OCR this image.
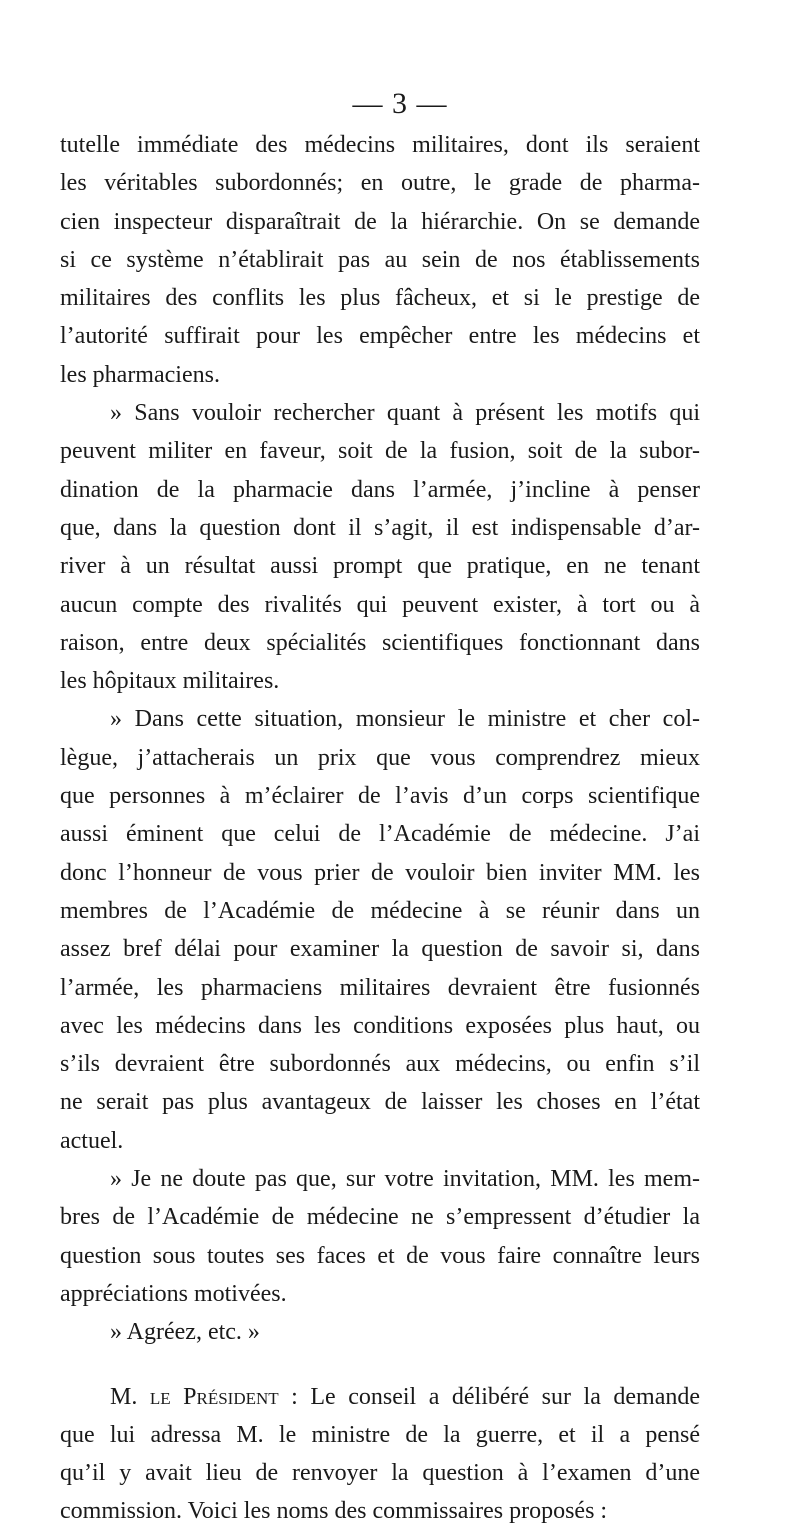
— 3 —
tutelle immédiate des médecins militaires, dont ils seraient
les véritables subordonnés; en outre, le grade de pharma-
cien inspecteur disparaîtrait de la hiérarchie. On se demande
si ce système n’établirait pas au sein de nos établissements
militaires des conflits les plus fâcheux, et si le prestige de
l’autorité suffirait pour les empêcher entre les médecins et
les pharmaciens.
» Sans vouloir rechercher quant à présent les motifs qui
peuvent militer en faveur, soit de la fusion, soit de la subor-
dination de la pharmacie dans l’armée, j’incline à penser
que, dans la question dont il s’agit, il est indispensable d’ar-
river à un résultat aussi prompt que pratique, en ne tenant
aucun compte des rivalités qui peuvent exister, à tort ou à
raison, entre deux spécialités scientifiques fonctionnant dans
les hôpitaux militaires.
» Dans cette situation, monsieur le ministre et cher col-
lègue, j’attacherais un prix que vous comprendrez mieux
que personnes à m’éclairer de l’avis d’un corps scientifique
aussi éminent que celui de l’Académie de médecine. J’ai
donc l’honneur de vous prier de vouloir bien inviter MM. les
membres de l’Académie de médecine à se réunir dans un
assez bref délai pour examiner la question de savoir si, dans
l’armée, les pharmaciens militaires devraient être fusionnés
avec les médecins dans les conditions exposées plus haut, ou
s’ils devraient être subordonnés aux médecins, ou enfin s’il
ne serait pas plus avantageux de laisser les choses en l’état
actuel.
» Je ne doute pas que, sur votre invitation, MM. les mem-
bres de l’Académie de médecine ne s’empressent d’étudier la
question sous toutes ses faces et de vous faire connaître leurs
appréciations motivées.
» Agréez, etc. »
M. le Président : Le conseil a délibéré sur la demande
que lui adressa M. le ministre de la guerre, et il a pensé
qu’il y avait lieu de renvoyer la question à l’examen d’une
commission. Voici les noms des commissaires proposés :
